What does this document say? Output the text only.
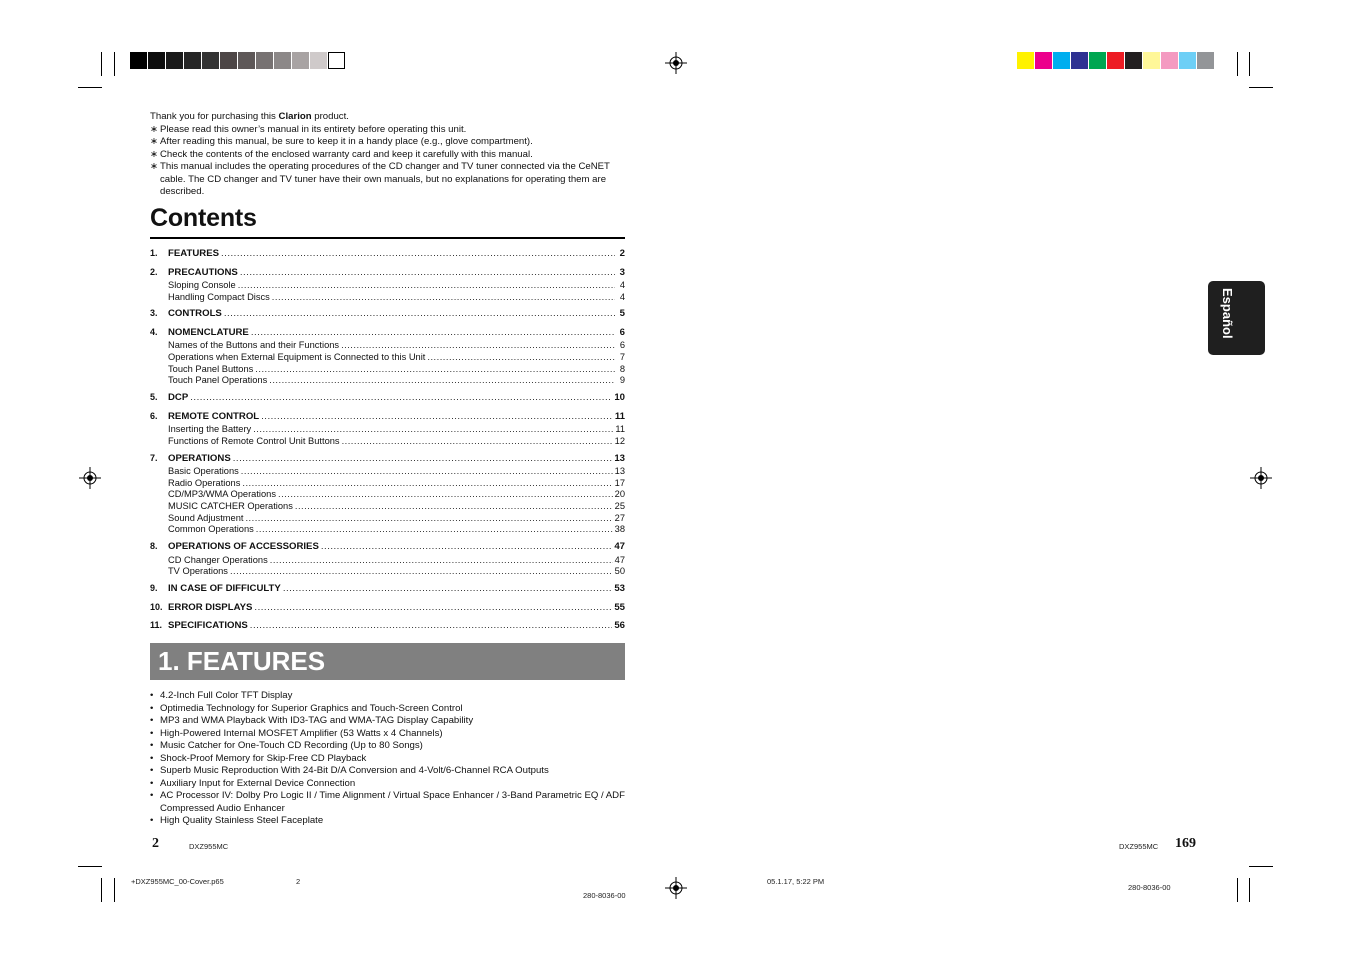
Thank you for purchasing this Clarion product.
∗ Please read this owner’s manual in its entirety before operating this unit.
∗ After reading this manual, be sure to keep it in a handy place (e.g., glove compartment).
∗ Check the contents of the enclosed warranty card and keep it carefully with this manual.
∗ This manual includes the operating procedures of the CD changer and TV tuner connected via the CeNET cable. The CD changer and TV tuner have their own manuals, but no explanations for operating them are described.
Contents
1.	FEATURES .....	2
2.	PRECAUTIONS .....	3
Sloping Console .....	4
Handling Compact Discs .....	4
3.	CONTROLS .....	5
4.	NOMENCLATURE .....	6
Names of the Buttons and their Functions .....	6
Operations when External Equipment is Connected to this Unit .....	7
Touch Panel Buttons .....	8
Touch Panel Operations .....	9
5.	DCP .....	10
6.	REMOTE CONTROL .....	11
Inserting the Battery .....	11
Functions of Remote Control Unit Buttons .....	12
7.	OPERATIONS .....	13
Basic Operations .....	13
Radio Operations .....	17
CD/MP3/WMA Operations .....	20
MUSIC CATCHER Operations .....	25
Sound Adjustment .....	27
Common Operations .....	38
8.	OPERATIONS OF ACCESSORIES .....	47
CD Changer Operations .....	47
TV Operations .....	50
9.	IN CASE OF DIFFICULTY .....	53
10. ERROR DISPLAYS .....	55
11. SPECIFICATIONS .....	56
1. FEATURES
• 4.2-Inch Full Color TFT Display
• Optimedia Technology for Superior Graphics and Touch-Screen Control
• MP3 and WMA Playback With ID3-TAG and WMA-TAG Display Capability
• High-Powered Internal MOSFET Amplifier (53 Watts x 4 Channels)
• Music Catcher for One-Touch CD Recording (Up to 80 Songs)
• Shock-Proof Memory for Skip-Free CD Playback
• Superb Music Reproduction With 24-Bit D/A Conversion and 4-Volt/6-Channel RCA Outputs
• Auxiliary Input for External Device Connection
• AC Processor IV: Dolby Pro Logic II / Time Alignment / Virtual Space Enhancer / 3-Band Parametric EQ / ADF Compressed Audio Enhancer
• High Quality Stainless Steel Faceplate
2	DXZ955MC	DXZ955MC 169
+DXZ955MC_00-Cover.p65	2	05.1.17, 5:22 PM
280-8036-00
280-8036-00
Español
